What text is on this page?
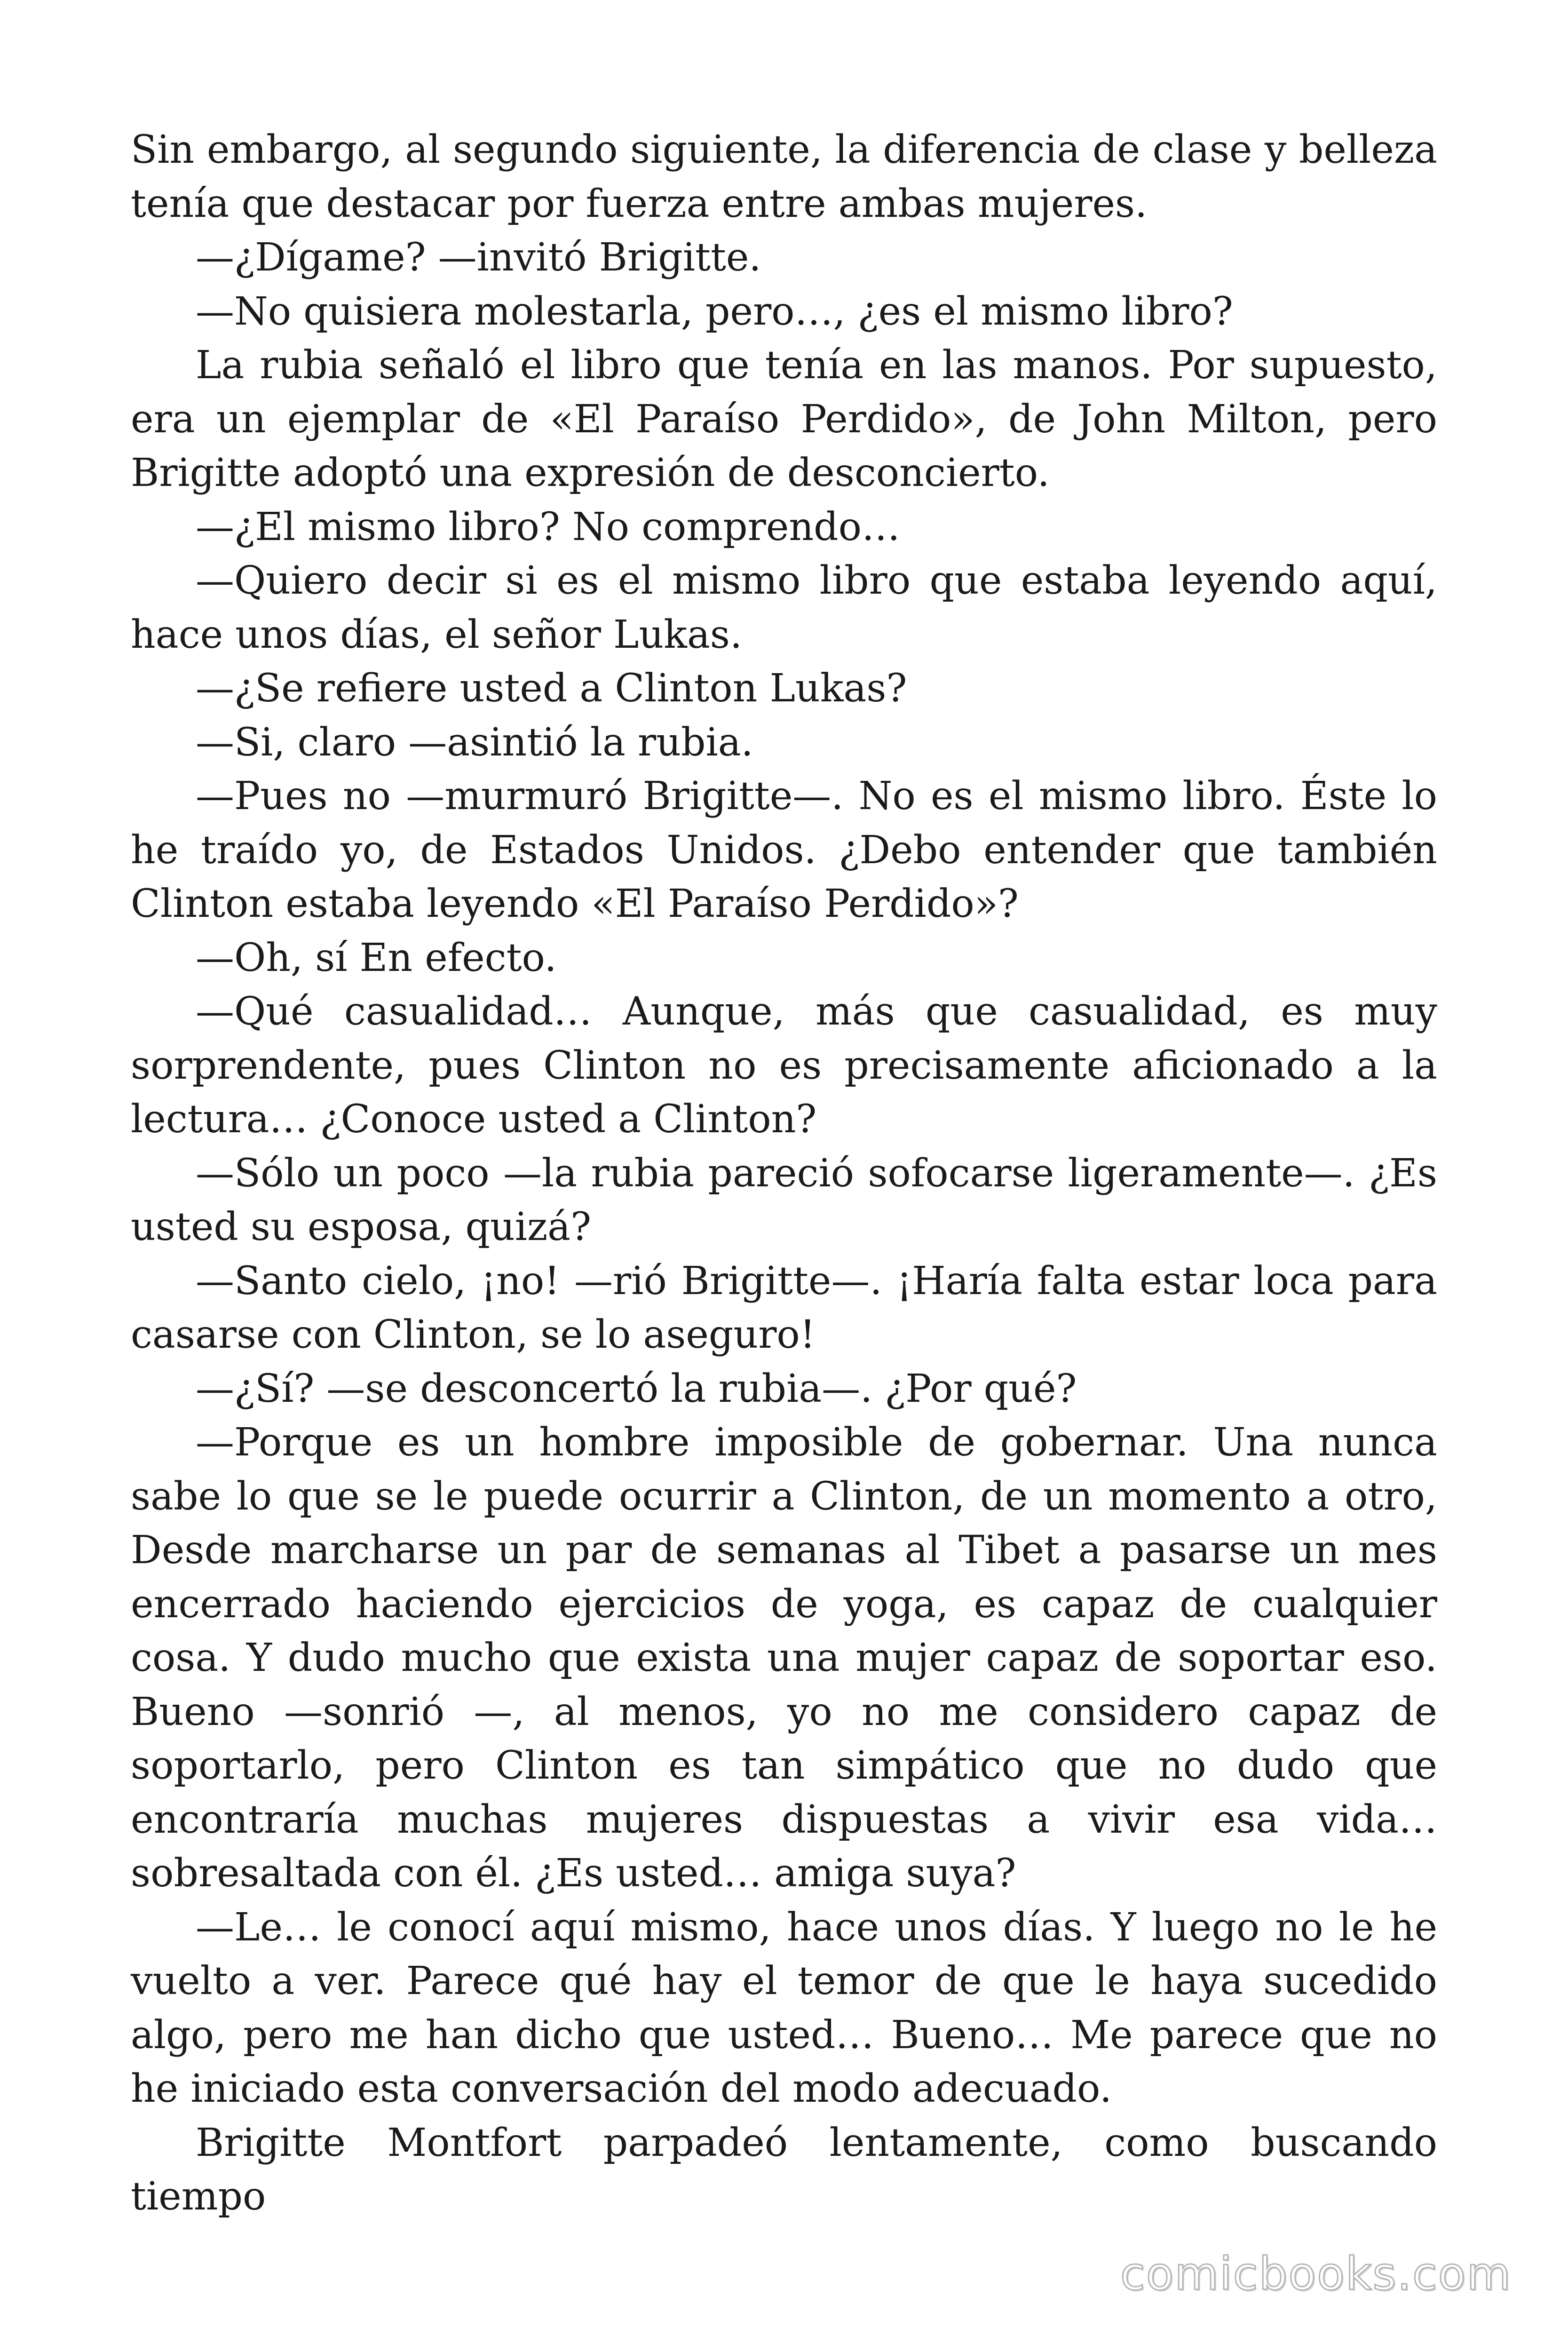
Sin embargo, al segundo siguiente, la diferencia de clase y belleza tenía que destacar por fuerza entre ambas mujeres.

—¿Dígame? —invitó Brigitte.

—No quisiera molestarla, pero…, ¿es el mismo libro?

La rubia señaló el libro que tenía en las manos. Por supuesto, era un ejemplar de «El Paraíso Perdido», de John Milton, pero Brigitte adoptó una expresión de desconcierto.

—¿El mismo libro? No comprendo…

—Quiero decir si es el mismo libro que estaba leyendo aquí, hace unos días, el señor Lukas.

—¿Se refiere usted a Clinton Lukas?

—Si, claro —asintió la rubia.

—Pues no —murmuró Brigitte—. No es el mismo libro. Éste lo he traído yo, de Estados Unidos. ¿Debo entender que también Clinton estaba leyendo «El Paraíso Perdido»?

—Oh, sí En efecto.

—Qué casualidad… Aunque, más que casualidad, es muy sorprendente, pues Clinton no es precisamente aficionado a la lectura… ¿Conoce usted a Clinton?

—Sólo un poco —la rubia pareció sofocarse ligeramente—. ¿Es usted su esposa, quizá?

—Santo cielo, ¡no! —rió Brigitte—. ¡Haría falta estar loca para casarse con Clinton, se lo aseguro!

—¿Sí? —se desconcertó la rubia—. ¿Por qué?

—Porque es un hombre imposible de gobernar. Una nunca sabe lo que se le puede ocurrir a Clinton, de un momento a otro, Desde marcharse un par de semanas al Tibet a pasarse un mes encerrado haciendo ejercicios de yoga, es capaz de cualquier cosa. Y dudo mucho que exista una mujer capaz de soportar eso. Bueno —sonrió —, al menos, yo no me considero capaz de soportarlo, pero Clinton es tan simpático que no dudo que encontraría muchas mujeres dispuestas a vivir esa vida… sobresaltada con él. ¿Es usted… amiga suya?

—Le… le conocí aquí mismo, hace unos días. Y luego no le he vuelto a ver. Parece qué hay el temor de que le haya sucedido algo, pero me han dicho que usted… Bueno… Me parece que no he iniciado esta conversación del modo adecuado.

Brigitte Montfort parpadeó lentamente, como buscando tiempo

comicbooks.com
